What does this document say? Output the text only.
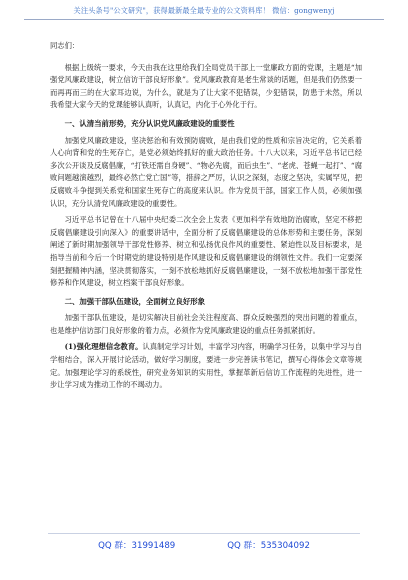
关注头条号"公文研究"，获得最新最全最专业的公文资料库！ 微信：gongwenyj

同志们：

根据上级统一要求，今天由我在这里给我们全局党员干部上一堂廉政方面的党课，主题是“加强党风廉政建设，树立信访干部良好形象”。党风廉政教育是老生常谈的话题，但是我们仍然要一而再再而三的在大家耳边说，为什么，就是为了让大家不犯错误，少犯错误，防患于未然，所以我希望大家今天的党课能够认真听，认真记，内化于心外化于行。

一、认清当前形势，充分认识党风廉政建设的重要性

加强党风廉政建设，坚决惩治和有效预防腐败，是由我们党的性质和宗旨决定的，它关系着人心向背和党的生死存亡，是党必须始终抓好的重大政治任务。十八大以来，习近平总书记已经多次公开谈及反腐倡廉，“打铁还需自身硬”、“物必先腐，而后虫生”、“老虎、苍蝇一起打”、“腐败问题越演越烈，最终必然亡党亡国”等，措辞之严厉，认识之深刻，态度之坚决，实属罕见，把反腐败斗争提到关系党和国家生死存亡的高度来认识。作为党员干部，国家工作人员，必须加强认识，充分认清党风廉政建设的重要性。

习近平总书记曾在十八届中央纪委二次全会上发表《更加科学有效地防治腐败，坚定不移把反腐倡廉建设引向深入》的重要讲话中，全面分析了反腐倡廉建设的总体形势和主要任务，深刻阐述了新时期加强领导干部党性修养、树立和弘扬优良作风的重要性、紧迫性以及目标要求，是指导当前和今后一个时期党的建设特别是作风建设和反腐倡廉建设的纲领性文件。我们一定要深刻把握精神内涵，坚决贯彻落实，一刻不放松地抓好反腐倡廉建设，一刻不放松地加强干部党性修养和作风建设，树立档案干部良好形象。

二、加强干部队伍建设，全面树立良好形象

加强干部队伍建设，是切实解决目前社会关注程度高、群众反映强烈的突出问题的着重点，也是维护信访部门良好形象的着力点，必须作为党风廉政建设的重点任务抓紧抓好。

(1)强化理想信念教育。认真制定学习计划，丰富学习内容，明确学习任务，以集中学习与自学相结合，深入开展讨论活动，做好学习制度，要进一步完善读书笔记，撰写心得体会文章等规定。加强理论学习的系统性，研究业务知识的实用性，掌握革新后信访工作流程的先进性，进一步让学习成为推动工作的不竭动力。

QQ 群：31991489	QQ 群：535304092
